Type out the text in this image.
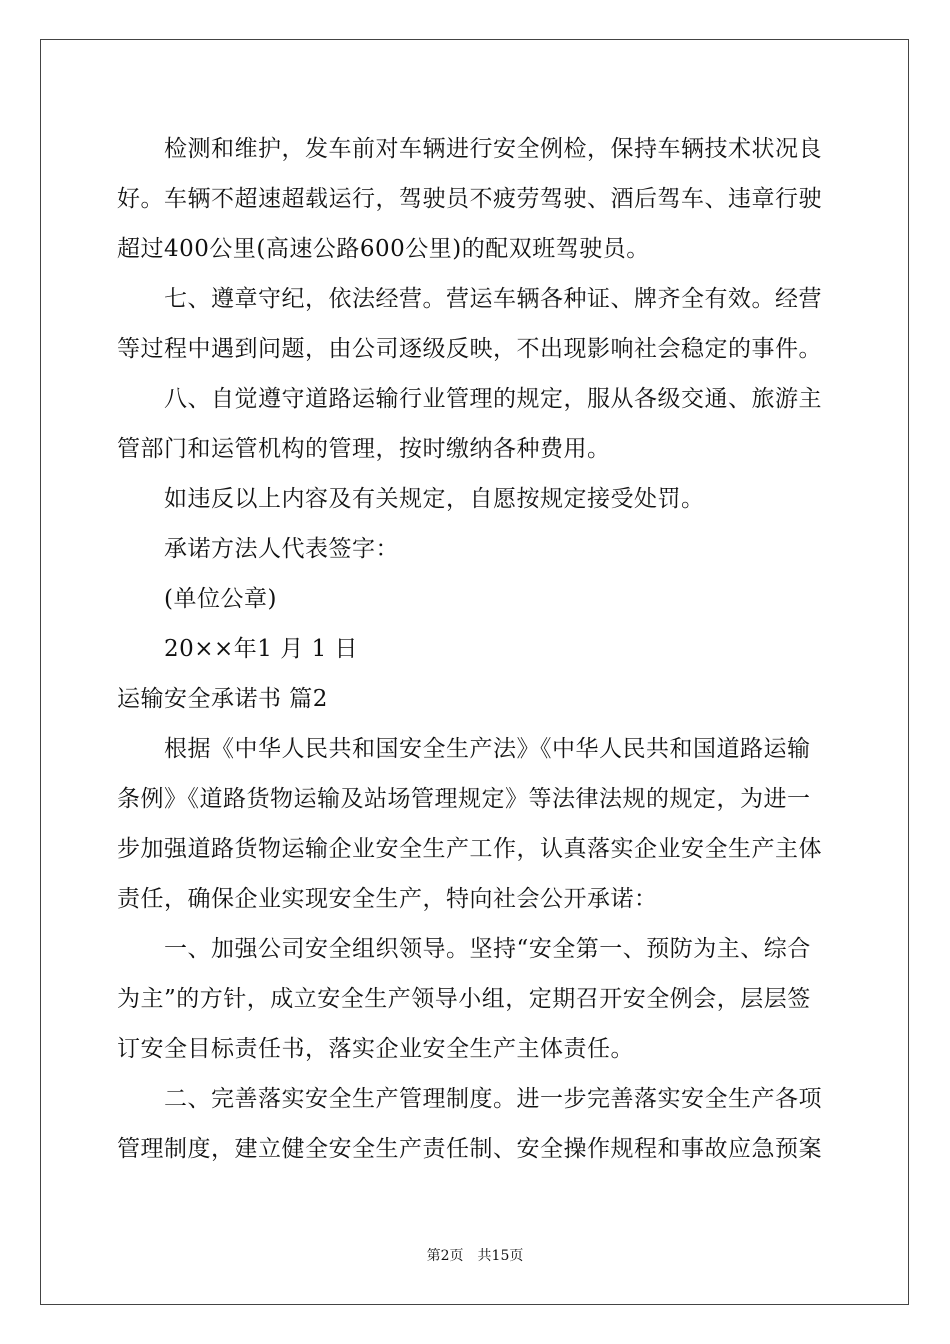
检测和维护，发车前对车辆进行安全例检，保持车辆技术状况良
好。车辆不超速超载运行，驾驶员不疲劳驾驶、酒后驾车、违章行驶
超过400公里(高速公路600公里)的配双班驾驶员。
七、遵章守纪，依法经营。营运车辆各种证、牌齐全有效。经营
等过程中遇到问题，由公司逐级反映，不出现影响社会稳定的事件。
八、自觉遵守道路运输行业管理的规定，服从各级交通、旅游主
管部门和运管机构的管理，按时缴纳各种费用。
如违反以上内容及有关规定，自愿按规定接受处罚。
承诺方法人代表签字：
(单位公章)
20××年1 月 1 日
运输安全承诺书 篇2
根据《中华人民共和国安全生产法》《中华人民共和国道路运输
条例》《道路货物运输及站场管理规定》等法律法规的规定，为进一
步加强道路货物运输企业安全生产工作，认真落实企业安全生产主体
责任，确保企业实现安全生产，特向社会公开承诺：
一、加强公司安全组织领导。坚持“安全第一、预防为主、综合
为主”的方针，成立安全生产领导小组，定期召开安全例会，层层签
订安全目标责任书，落实企业安全生产主体责任。
二、完善落实安全生产管理制度。进一步完善落实安全生产各项
管理制度，建立健全安全生产责任制、安全操作规程和事故应急预案
第2页　共15页
